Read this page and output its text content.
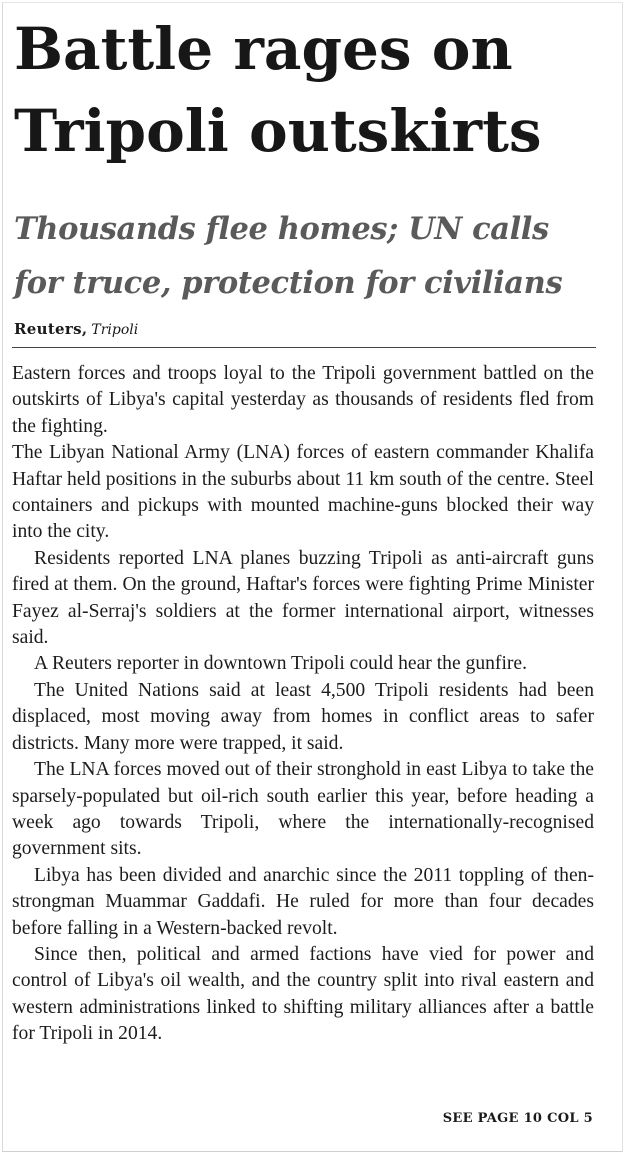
Battle rages on
Tripoli outskirts
Thousands flee homes; UN calls
for truce, protection for civilians
Reuters, Tripoli

Eastern forces and troops loyal to the Tripoli government battled on the outskirts of Libya's capital yesterday as thousands of residents fled from the fighting.

The Libyan National Army (LNA) forces of eastern commander Khalifa Haftar held positions in the suburbs about 11 km south of the centre. Steel containers and pickups with mounted machine-guns blocked their way into the city.

Residents reported LNA planes buzzing Tripoli as anti-aircraft guns fired at them. On the ground, Haftar's forces were fighting Prime Minister Fayez al-Serraj's soldiers at the former international airport, witnesses said.

A Reuters reporter in downtown Tripoli could hear the gunfire.

The United Nations said at least 4,500 Tripoli residents had been displaced, most moving away from homes in conflict areas to safer districts. Many more were trapped, it said.

The LNA forces moved out of their stronghold in east Libya to take the sparsely-populated but oil-rich south earlier this year, before heading a week ago towards Tripoli, where the internationally-recognised government sits.

Libya has been divided and anarchic since the 2011 toppling of then-strongman Muammar Gaddafi. He ruled for more than four decades before falling in a Western-backed revolt.

Since then, political and armed factions have vied for power and control of Libya's oil wealth, and the country split into rival eastern and western administrations linked to shifting military alliances after a battle for Tripoli in 2014.

SEE PAGE 10 COL 5
